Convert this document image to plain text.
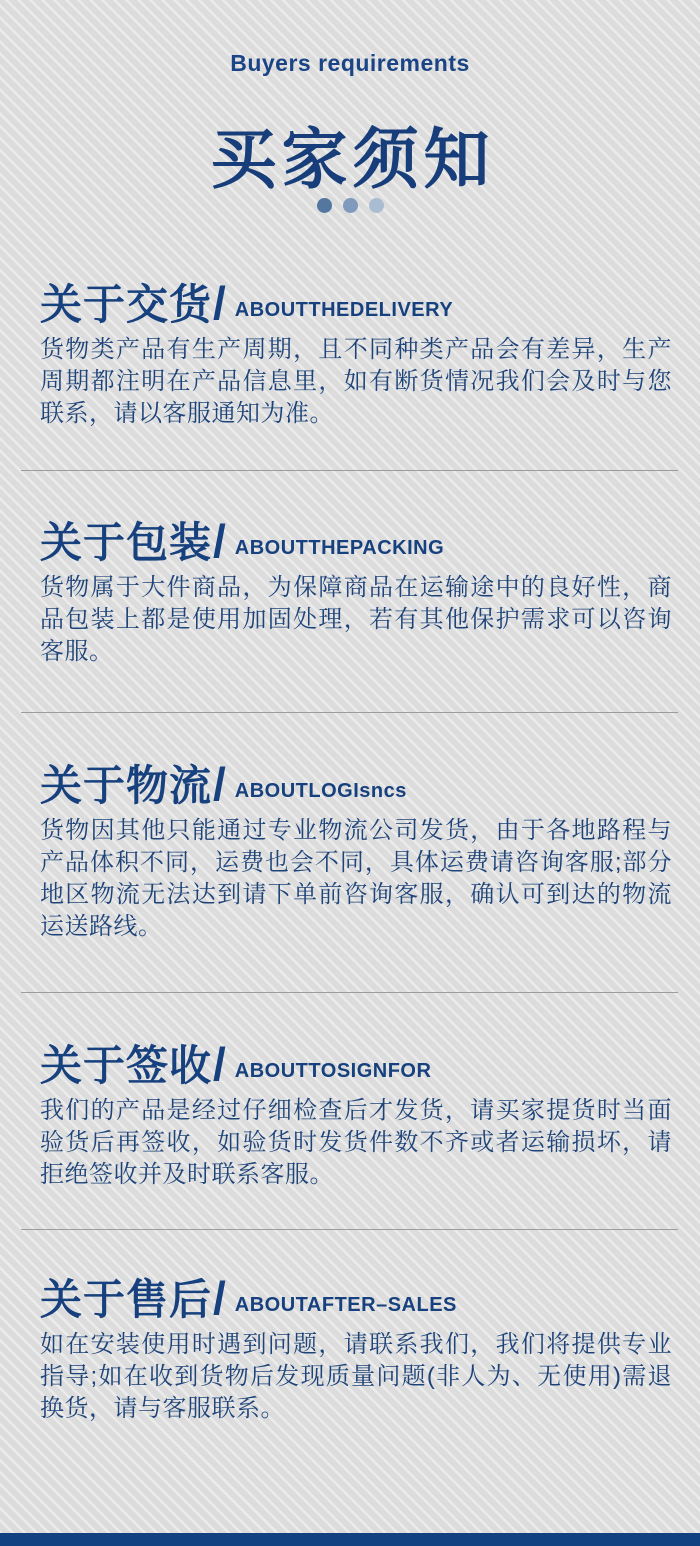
Buyers requirements
买家须知
关于交货 / ABOUTTHEDELIVERY

货物类产品有生产周期，且不同种类产品会有差异，生产周期都注明在产品信息里，如有断货情况我们会及时与您联系，请以客服通知为准。

关于包装 / ABOUTTHEPACKING

货物属于大件商品，为保障商品在运输途中的良好性，商品包装上都是使用加固处理，若有其他保护需求可以咨询客服。

关于物流 / ABOUTLOGIsncs

货物因其他只能通过专业物流公司发货，由于各地路程与产品体积不同，运费也会不同，具体运费请咨询客服;部分地区物流无法达到请下单前咨询客服，确认可到达的物流运送路线。

关于签收 / ABOUTTOSIGNFOR

我们的产品是经过仔细检查后才发货，请买家提货时当面验货后再签收，如验货时发货件数不齐或者运输损坏，请拒绝签收并及时联系客服。

关于售后 / ABOUTAFTER–SALES

如在安装使用时遇到问题，请联系我们，我们将提供专业指导;如在收到货物后发现质量问题(非人为、无使用)需退换货，请与客服联系。
